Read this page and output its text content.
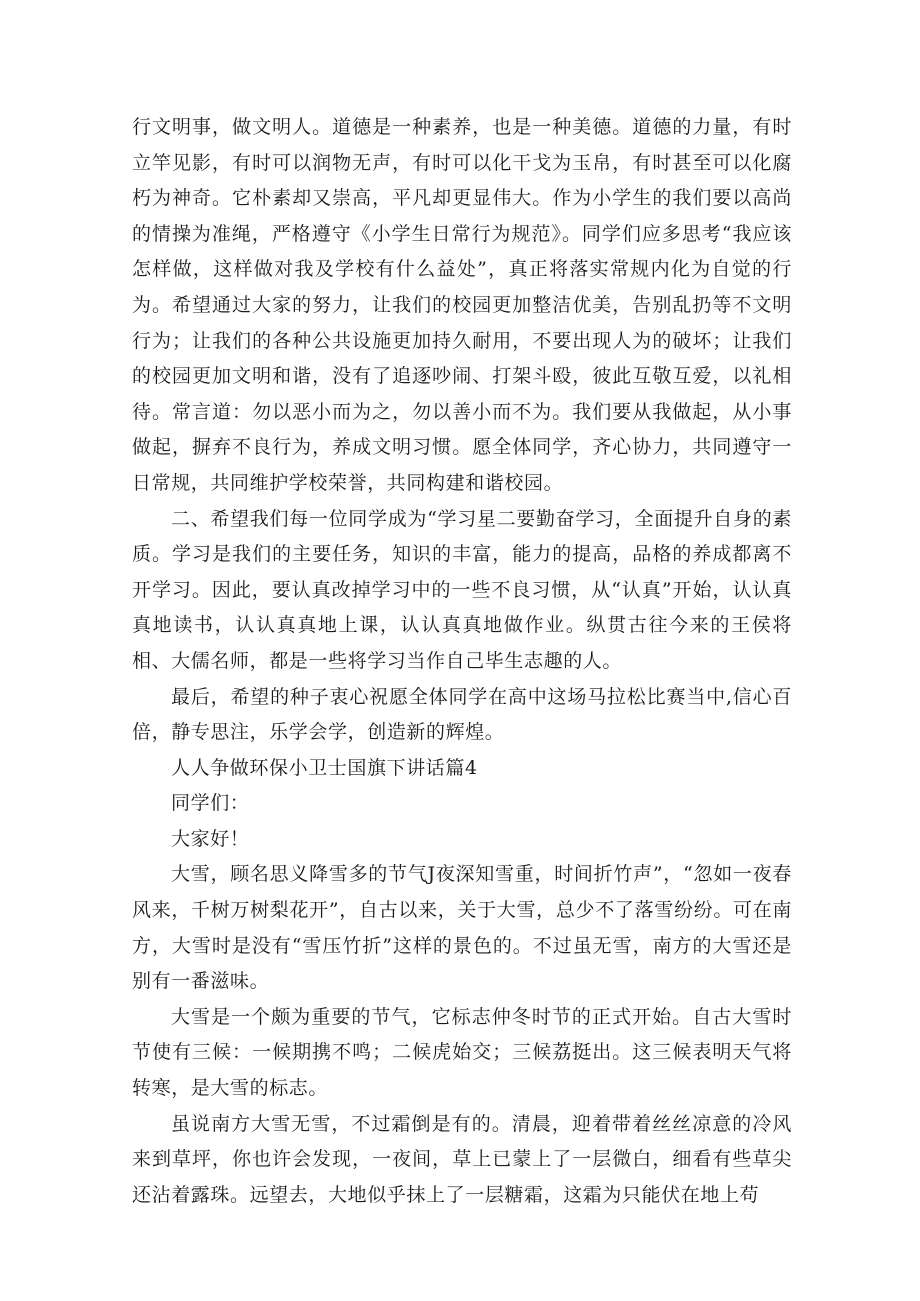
行文明事，做文明人。道德是一种素养，也是一种美德。道德的力量，有时立竿见影，有时可以润物无声，有时可以化干戈为玉帛，有时甚至可以化腐朽为神奇。它朴素却又崇高，平凡却更显伟大。作为小学生的我们要以高尚的情操为准绳，严格遵守《小学生日常行为规范》。同学们应多思考“我应该怎样做，这样做对我及学校有什么益处”，真正将落实常规内化为自觉的行为。希望通过大家的努力，让我们的校园更加整洁优美，告别乱扔等不文明行为；让我们的各种公共设施更加持久耐用，不要出现人为的破坏；让我们的校园更加文明和谐，没有了追逐吵闹、打架斗殴，彼此互敬互爱，以礼相待。常言道：勿以恶小而为之，勿以善小而不为。我们要从我做起，从小事做起，摒弃不良行为，养成文明习惯。愿全体同学，齐心协力，共同遵守一日常规，共同维护学校荣誉，共同构建和谐校园。

二、希望我们每一位同学成为“学习星二要勤奋学习，全面提升自身的素质。学习是我们的主要任务，知识的丰富，能力的提高，品格的养成都离不开学习。因此，要认真改掉学习中的一些不良习惯，从“认真”开始，认认真真地读书，认认真真地上课，认认真真地做作业。纵贯古往今来的王侯将相、大儒名师，都是一些将学习当作自己毕生志趣的人。

最后，希望的种子衷心祝愿全体同学在高中这场马拉松比赛当中,信心百倍，静专思注，乐学会学，创造新的辉煌。

人人争做环保小卫士国旗下讲话篇4

同学们：

大家好！

大雪，顾名思义降雪多的节气J夜深知雪重，时间折竹声”，“忽如一夜春风来，千树万树梨花开”，自古以来，关于大雪，总少不了落雪纷纷。可在南方，大雪时是没有“雪压竹折”这样的景色的。不过虽无雪，南方的大雪还是别有一番滋味。

大雪是一个颇为重要的节气，它标志仲冬时节的正式开始。自古大雪时节使有三候：一候期携不鸣；二候虎始交；三候荔挺出。这三候表明天气将转寒，是大雪的标志。

虽说南方大雪无雪，不过霜倒是有的。清晨，迎着带着丝丝凉意的冷风来到草坪，你也许会发现，一夜间，草上已蒙上了一层微白，细看有些草尖还沾着露珠。远望去，大地似乎抹上了一层糖霜，这霜为只能伏在地上苟
